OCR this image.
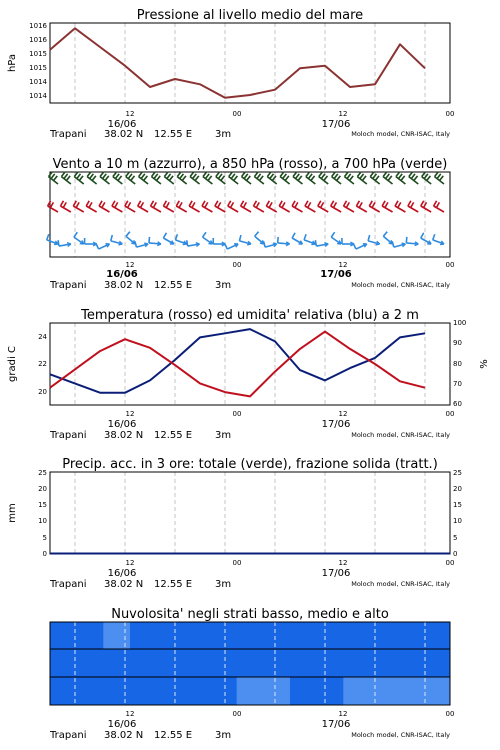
Pressione al livello medio del mare
1014
1014
1015
1015
1016
1016
hPa
12	00	12	00
16/06	17/06
Trapani 38.02 N 12.55 E 3m	Moloch model, CNR-ISAC, Italy
Vento a 10 m (azzurro), a 850 hPa (rosso), a 700 hPa (verde)
12	00	12	00
16/06	17/06
Trapani 38.02 N 12.55 E 3m	Moloch model, CNR-ISAC, Italy
Temperatura (rosso) ed umidita' relativa (blu) a 2 m
20
22
24
60
70
80
90
100
gradi C	%
12	00	12	00
16/06	17/06
Trapani 38.02 N 12.55 E 3m	Moloch model, CNR-ISAC, Italy
Precip. acc. in 3 ore: totale (verde), frazione solida (tratt.)
0
5
10
15
20
25
0
5
10
15
20
25
mm
12	00	12	00
16/06	17/06
Trapani 38.02 N 12.55 E 3m	Moloch model, CNR-ISAC, Italy
Nuvolosita' negli strati basso, medio e alto
12	00	12	00
16/06	17/06
Trapani 38.02 N 12.55 E 3m	Moloch model, CNR-ISAC, Italy
